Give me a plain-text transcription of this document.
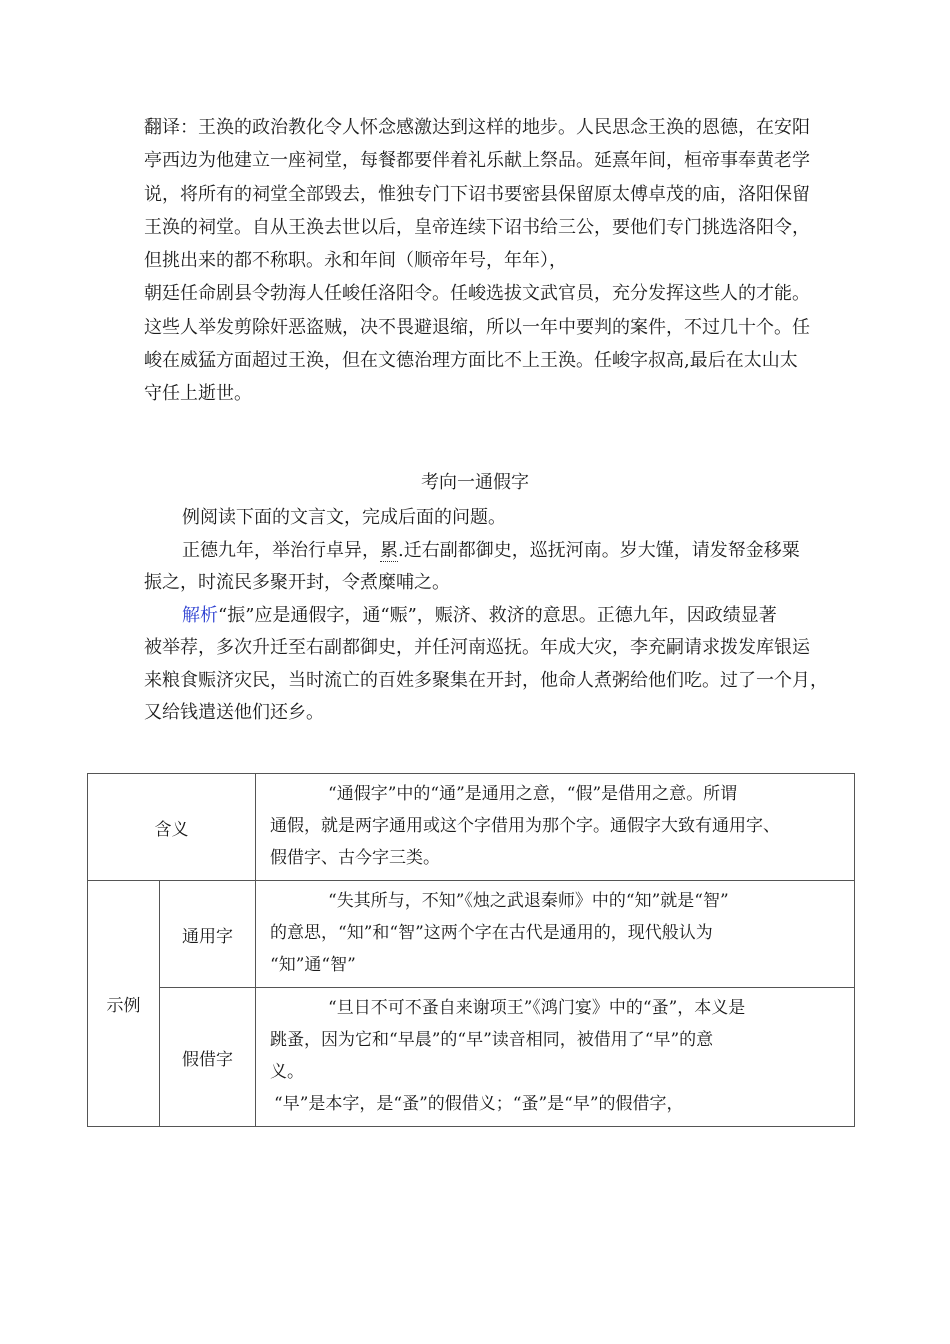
翻译：王涣的政治教化令人怀念感激达到这样的地步。人民思念王涣的恩德，在安阳
亭西边为他建立一座祠堂，每餐都要伴着礼乐献上祭品。延熹年间，桓帝事奉黄老学
说，将所有的祠堂全部毁去，惟独专门下诏书要密县保留原太傅卓茂的庙，洛阳保留
王涣的祠堂。自从王涣去世以后，皇帝连续下诏书给三公，要他们专门挑选洛阳令，
但挑出来的都不称职。永和年间（顺帝年号，年年），
朝廷任命剧县令勃海人任峻任洛阳令。任峻选拔文武官员，充分发挥这些人的才能。
这些人举发剪除奸恶盗贼，决不畏避退缩，所以一年中要判的案件，不过几十个。任
峻在威猛方面超过王涣，但在文德治理方面比不上王涣。任峻字叔高,最后在太山太
守任上逝世。
考向一通假字
例阅读下面的文言文，完成后面的问题。
正德九年，举治行卓异，累.迁右副都御史，巡抚河南。岁大馑，请发帑金移粟
振之，时流民多聚开封，令煮糜哺之。
解析“振”应是通假字，通“赈”，赈济、救济的意思。正德九年，因政绩显著
被举荐，多次升迁至右副都御史，并任河南巡抚。年成大灾，李充嗣请求拨发库银运
来粮食赈济灾民，当时流亡的百姓多聚集在开封，他命人煮粥给他们吃。过了一个月，
又给钱遣送他们还乡。
含义		“通假字”中的“通”是通用之意，“假”是借用之意。所谓
通假，就是两字通用或这个字借用为那个字。通假字大致有通用字、
假借字、古今字三类。

示例	通用字	“失其所与，不知”《烛之武退秦师》中的“知”就是“智”
的意思，“知”和“智”这两个字在古代是通用的，现代般认为
“知”通“智”

	假借字	“旦日不可不蚤自来谢项王”《鸿门宴》中的“蚤”，本义是
跳蚤，因为它和“早晨”的“早”读音相同，被借用了“早”的意
义。
“早”是本字，是“蚤”的假借义；“蚤”是“早”的假借字，
